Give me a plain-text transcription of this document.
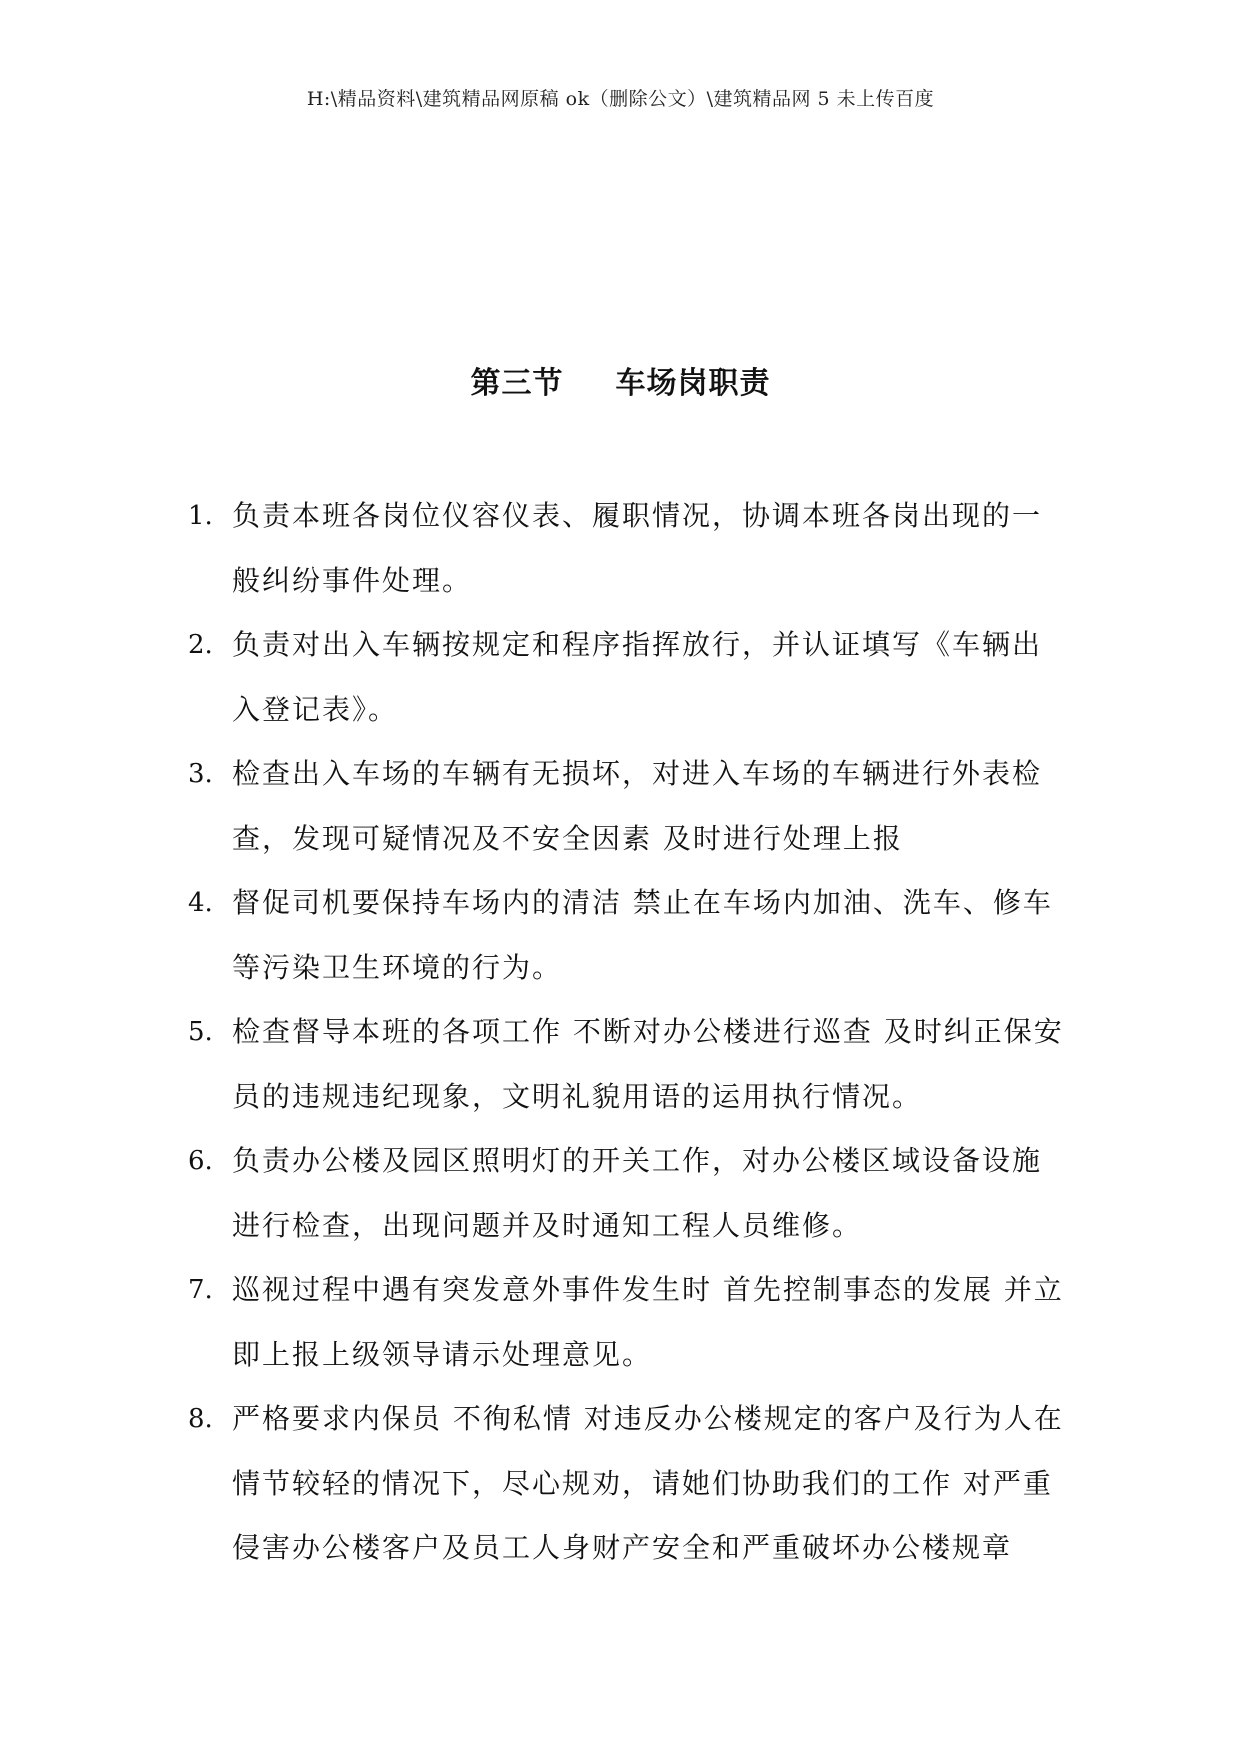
H:\精品资料\建筑精品网原稿 ok（删除公文）\建筑精品网 5 未上传百度
第三节 车场岗职责
1. 负责本班各岗位仪容仪表、履职情况，协调本班各岗出现的一般纠纷事件处理。
2. 负责对出入车辆按规定和程序指挥放行，并认证填写《车辆出入登记表》。
3. 检查出入车场的车辆有无损坏，对进入车场的车辆进行外表检查，发现可疑情况及不安全因素 及时进行处理上报
4. 督促司机要保持车场内的清洁 禁止在车场内加油、洗车、修车等污染卫生环境的行为。
5. 检查督导本班的各项工作 不断对办公楼进行巡查 及时纠正保安员的违规违纪现象，文明礼貌用语的运用执行情况。
6. 负责办公楼及园区照明灯的开关工作，对办公楼区域设备设施进行检查，出现问题并及时通知工程人员维修。
7. 巡视过程中遇有突发意外事件发生时 首先控制事态的发展 并立即上报上级领导请示处理意见。
8. 严格要求内保员 不徇私情 对违反办公楼规定的客户及行为人在情节较轻的情况下，尽心规劝，请她们协助我们的工作 对严重侵害办公楼客户及员工人身财产安全和严重破坏办公楼规章
